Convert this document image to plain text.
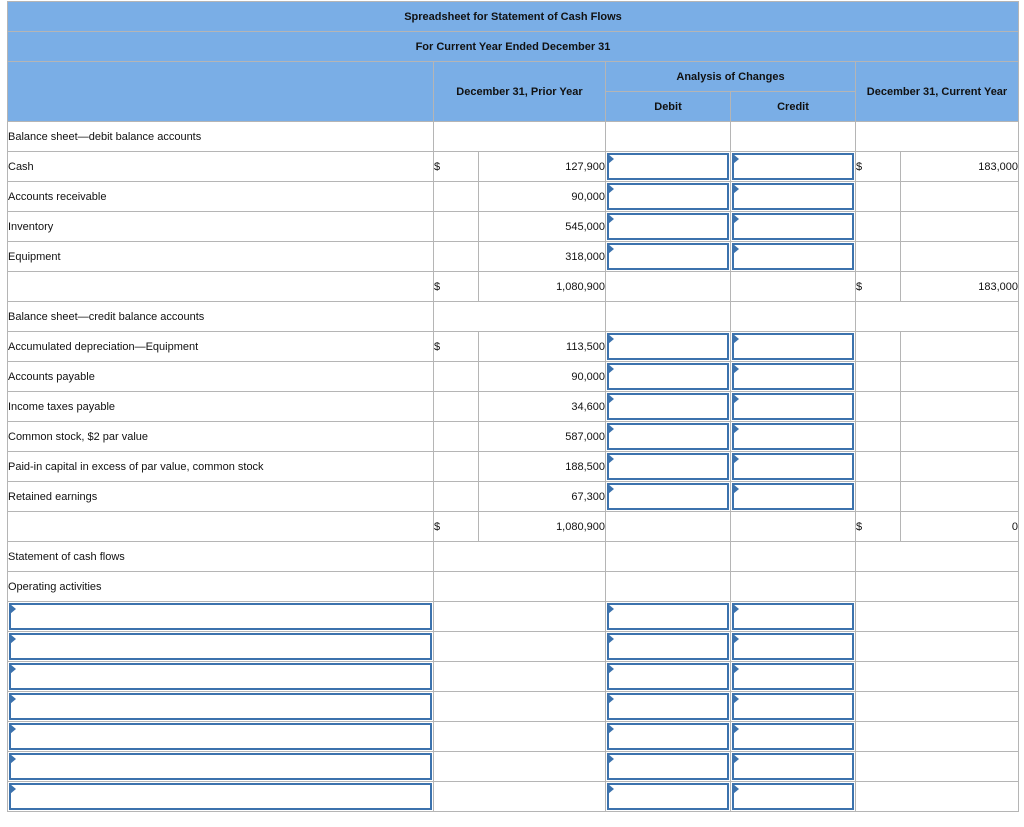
Spreadsheet for Statement of Cash Flows						
For Current Year Ended December 31						
	December 31, Prior Year		Analysis of Changes		December 31, Current Year	
			Debit	Credit		
Balance sheet—debit balance accounts						
Cash	$	127,900			$	183,000
Accounts receivable		90,000	

Inventory		545,000	

Equipment		318,000	

	$	1,080,900			$	183,000
Balance sheet—credit balance accounts						
Accumulated depreciation—Equipment	$	113,500	

Accounts payable		90,000	

Income taxes payable		34,600	

Common stock, $2 par value		587,000	

Paid-in capital in excess of par value, common stock		188,500	

Retained earnings		67,300	

	$	1,080,900			$	0
Statement of cash flows						
Operating activities						
